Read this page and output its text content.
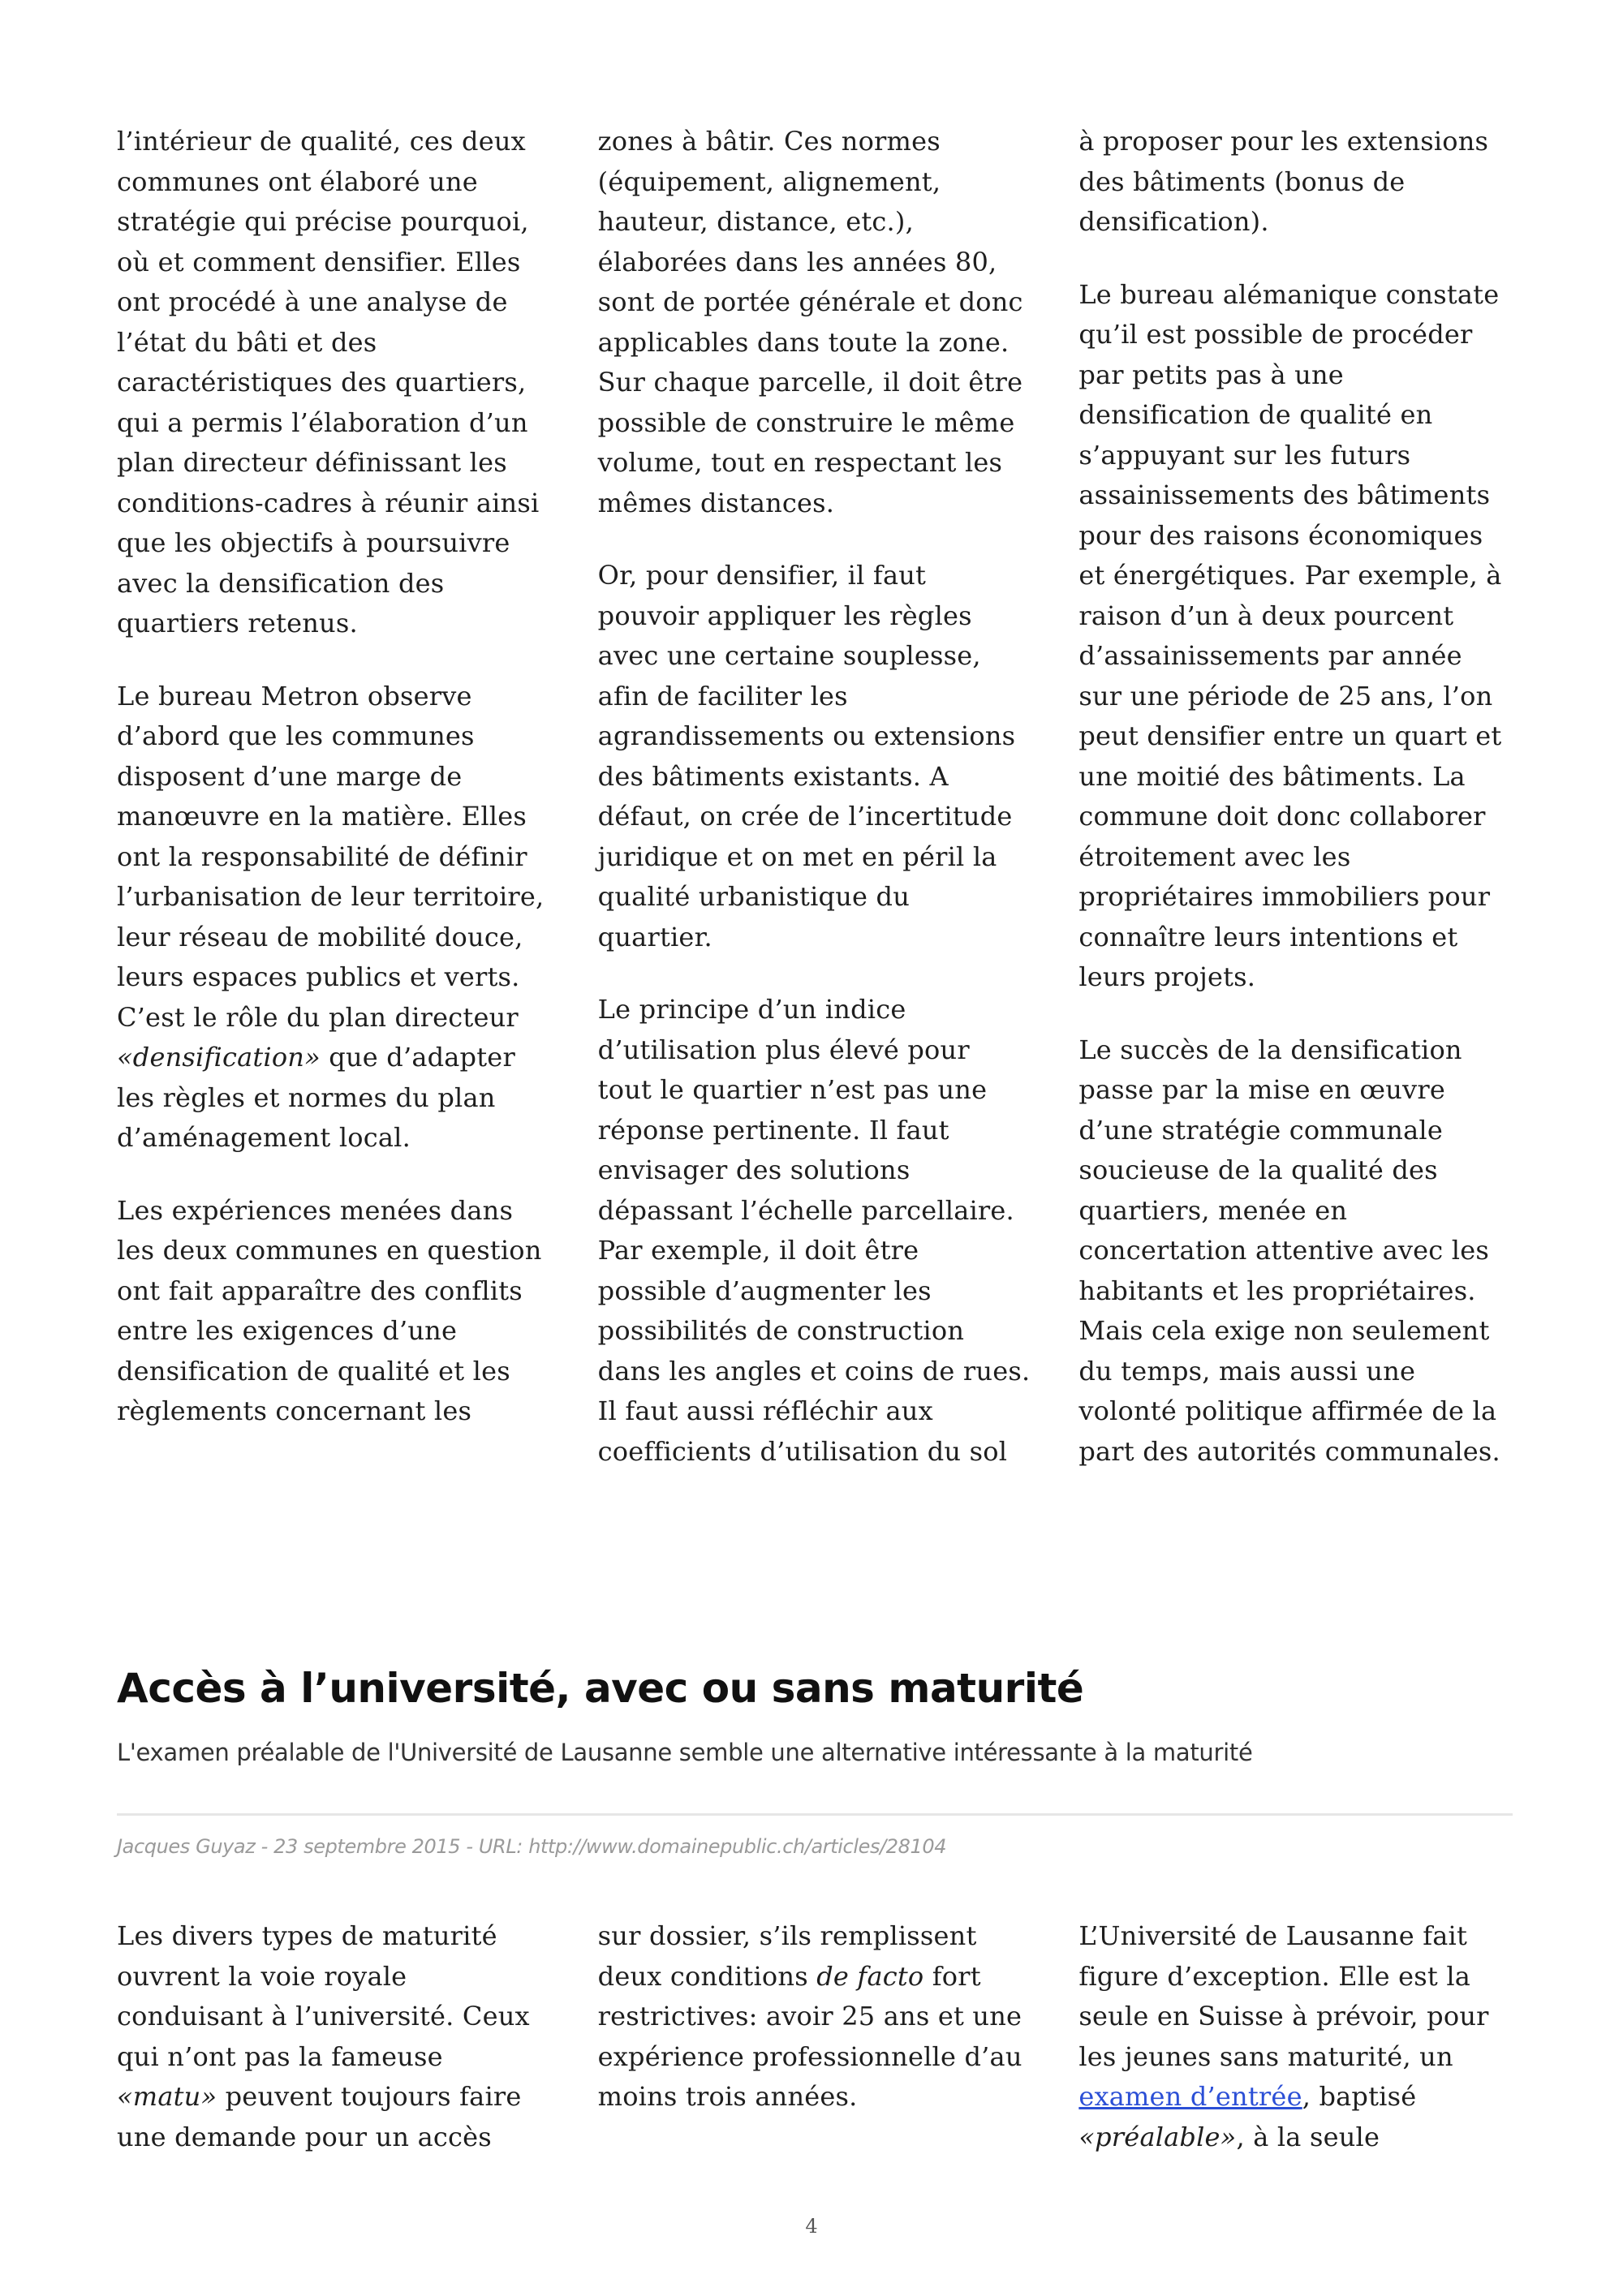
l’intérieur de qualité, ces deux communes ont élaboré une stratégie qui précise pourquoi, où et comment densifier. Elles ont procédé à une analyse de l’état du bâti et des caractéristiques des quartiers, qui a permis l’élaboration d’un plan directeur définissant les conditions-cadres à réunir ainsi que les objectifs à poursuivre avec la densification des quartiers retenus.

Le bureau Metron observe d’abord que les communes disposent d’une marge de manœuvre en la matière. Elles ont la responsabilité de définir l’urbanisation de leur territoire, leur réseau de mobilité douce, leurs espaces publics et verts. C’est le rôle du plan directeur «densification» que d’adapter les règles et normes du plan d’aménagement local.

Les expériences menées dans les deux communes en question ont fait apparaître des conflits entre les exigences d’une densification de qualité et les règlements concernant les

zones à bâtir. Ces normes (équipement, alignement, hauteur, distance, etc.), élaborées dans les années 80, sont de portée générale et donc applicables dans toute la zone. Sur chaque parcelle, il doit être possible de construire le même volume, tout en respectant les mêmes distances.

Or, pour densifier, il faut pouvoir appliquer les règles avec une certaine souplesse, afin de faciliter les agrandissements ou extensions des bâtiments existants. A défaut, on crée de l’incertitude juridique et on met en péril la qualité urbanistique du quartier.

Le principe d’un indice d’utilisation plus élevé pour tout le quartier n’est pas une réponse pertinente. Il faut envisager des solutions dépassant l’échelle parcellaire. Par exemple, il doit être possible d’augmenter les possibilités de construction dans les angles et coins de rues. Il faut aussi réfléchir aux coefficients d’utilisation du sol

à proposer pour les extensions des bâtiments (bonus de densification).

Le bureau alémanique constate qu’il est possible de procéder par petits pas à une densification de qualité en s’appuyant sur les futurs assainissements des bâtiments pour des raisons économiques et énergétiques. Par exemple, à raison d’un à deux pourcent d’assainissements par année sur une période de 25 ans, l’on peut densifier entre un quart et une moitié des bâtiments. La commune doit donc collaborer étroitement avec les propriétaires immobiliers pour connaître leurs intentions et leurs projets.

Le succès de la densification passe par la mise en œuvre d’une stratégie communale soucieuse de la qualité des quartiers, menée en concertation attentive avec les habitants et les propriétaires. Mais cela exige non seulement du temps, mais aussi une volonté politique affirmée de la part des autorités communales.

Accès à l’université, avec ou sans maturité

L'examen préalable de l'Université de Lausanne semble une alternative intéressante à la maturité

Jacques Guyaz - 23 septembre 2015 - URL: http://www.domainepublic.ch/articles/28104

Les divers types de maturité ouvrent la voie royale conduisant à l’université. Ceux qui n’ont pas la fameuse «matu» peuvent toujours faire une demande pour un accès

sur dossier, s’ils remplissent deux conditions de facto fort restrictives: avoir 25 ans et une expérience professionnelle d’au moins trois années.

L’Université de Lausanne fait figure d’exception. Elle est la seule en Suisse à prévoir, pour les jeunes sans maturité, un examen d’entrée, baptisé «préalable», à la seule

4
